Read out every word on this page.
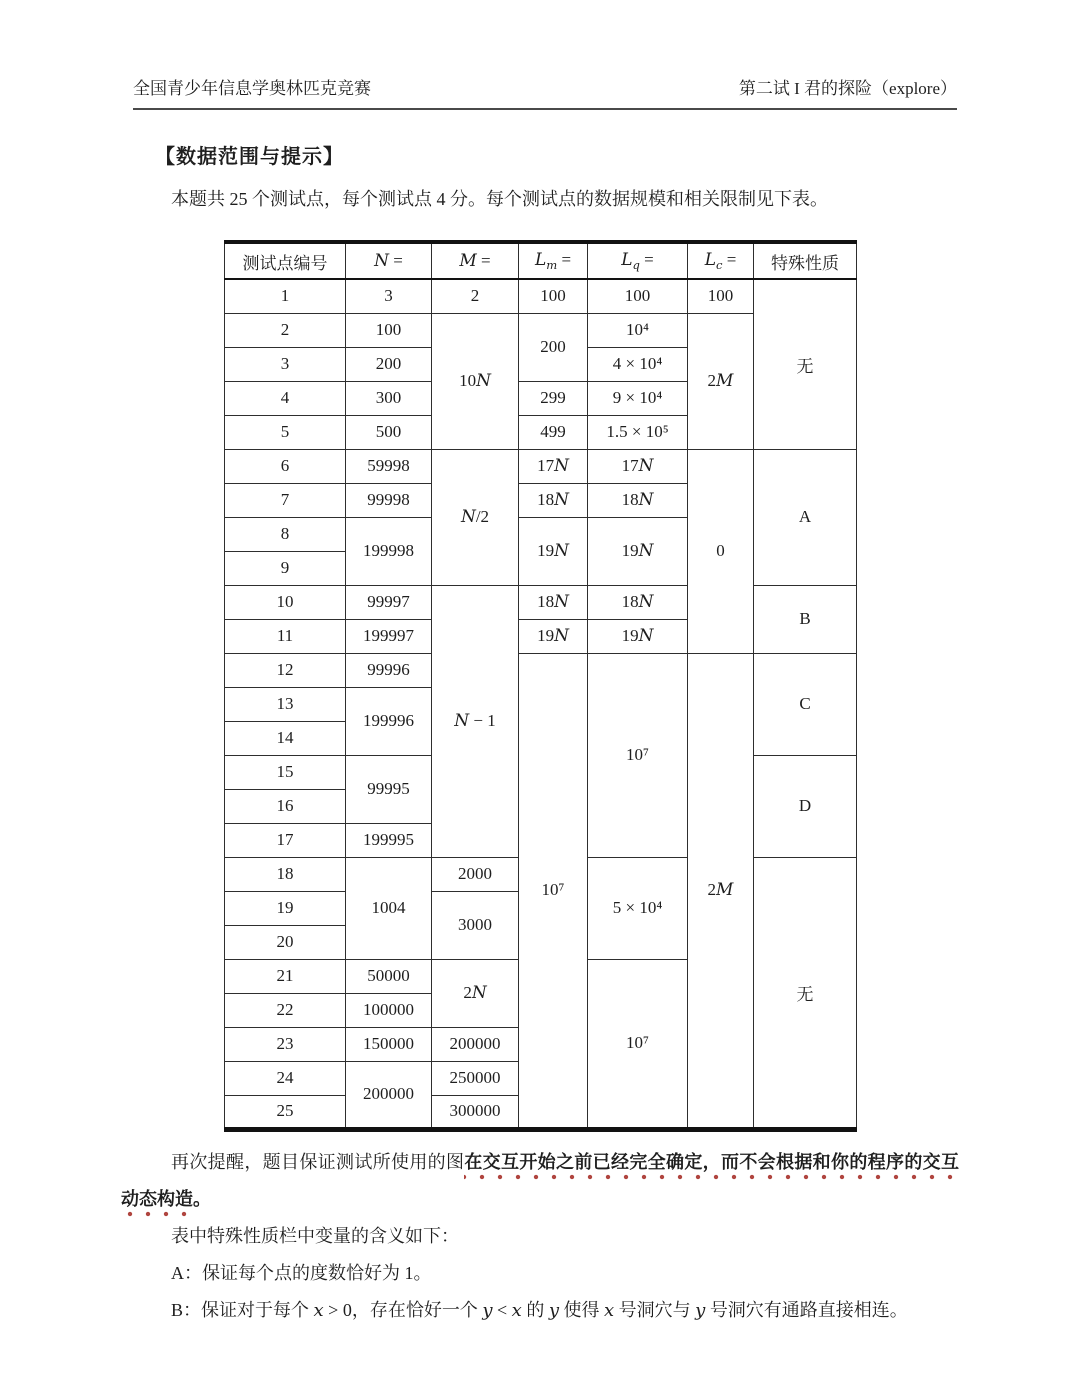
全国青少年信息学奥林匹克竞赛	第二试 I 君的探险（explore）
【数据范围与提示】

本题共 25 个测试点，每个测试点 4 分。每个测试点的数据规模和相关限制见下表。

测试点编号	N =	M =	$L_m$ =	$L_q$ =	$L_c$ =	特殊性质
1	3	2	100	100	100	无
2	100	10N	200	10⁴	2M	
3	200			4 × 10⁴		
4	300		299	9 × 10⁴		
5	500		499	1.5 × 10⁵		
6	59998	N/2	17N	17N	0	A
7	99998		18N	18N		
8	199998		19N	19N		
9						
10	99997	N − 1	18N	18N		B
11	199997		19N	19N		
12	99996		10⁷	10⁷	2M	C
13	199996					
14						
15	99995					D
16						
17	199995					
18	1004	2000		5 × 10⁴		无
19		3000				
20						
21	50000	2N		10⁷		
22	100000					
23	150000	200000				
24	200000	250000				
25		300000				

再次提醒，题目保证测试所使用的图在交互开始之前已经完全确定，而不会根据和你的程序的交互动态构造。

表中特殊性质栏中变量的含义如下：

A：保证每个点的度数恰好为 1。

B：保证对于每个 x > 0，存在恰好一个 y < x 的 y 使得 x 号洞穴与 y 号洞穴有通路直接相连。
